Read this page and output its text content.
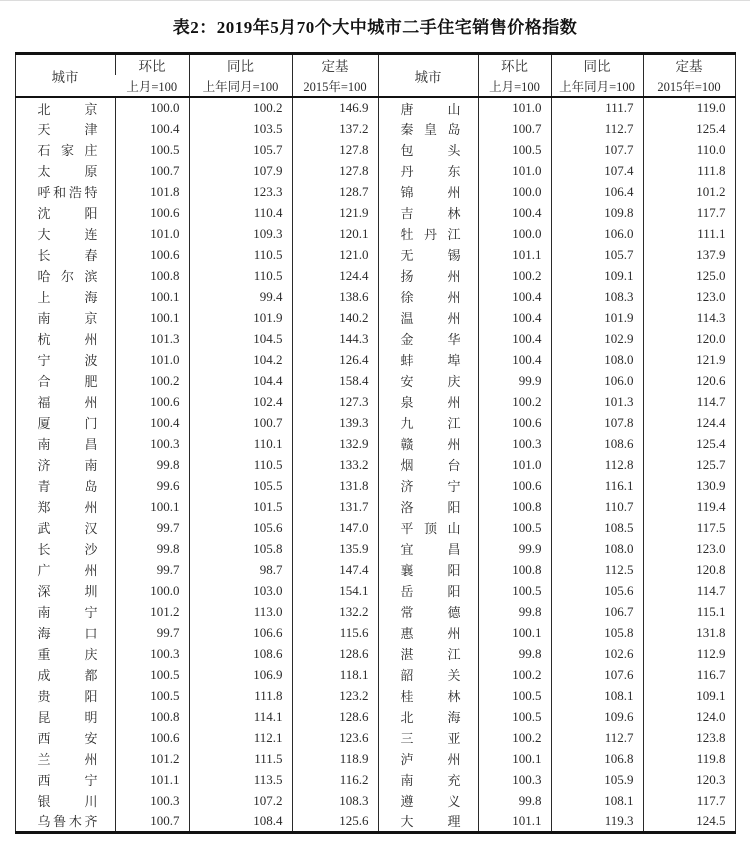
表2：2019年5月70个大中城市二手住宅销售价格指数
城市	环比	同比	定基	城市	环比	同比	定基
	上月=100	上年同月=100	2015年=100		上月=100	上年同月=100	2015年=100
北京	100.0	100.2	146.9	唐山	101.0	111.7	119.0
天津	100.4	103.5	137.2	秦皇岛	100.7	112.7	125.4
石家庄	100.5	105.7	127.8	包头	100.5	107.7	110.0
太原	100.7	107.9	127.8	丹东	101.0	107.4	111.8
呼和浩特	101.8	123.3	128.7	锦州	100.0	106.4	101.2
沈阳	100.6	110.4	121.9	吉林	100.4	109.8	117.7
大连	101.0	109.3	120.1	牡丹江	100.0	106.0	111.1
长春	100.6	110.5	121.0	无锡	101.1	105.7	137.9
哈尔滨	100.8	110.5	124.4	扬州	100.2	109.1	125.0
上海	100.1	99.4	138.6	徐州	100.4	108.3	123.0
南京	100.1	101.9	140.2	温州	100.4	101.9	114.3
杭州	101.3	104.5	144.3	金华	100.4	102.9	120.0
宁波	101.0	104.2	126.4	蚌埠	100.4	108.0	121.9
合肥	100.2	104.4	158.4	安庆	99.9	106.0	120.6
福州	100.6	102.4	127.3	泉州	100.2	101.3	114.7
厦门	100.4	100.7	139.3	九江	100.6	107.8	124.4
南昌	100.3	110.1	132.9	赣州	100.3	108.6	125.4
济南	99.8	110.5	133.2	烟台	101.0	112.8	125.7
青岛	99.6	105.5	131.8	济宁	100.6	116.1	130.9
郑州	100.1	101.5	131.7	洛阳	100.8	110.7	119.4
武汉	99.7	105.6	147.0	平顶山	100.5	108.5	117.5
长沙	99.8	105.8	135.9	宜昌	99.9	108.0	123.0
广州	99.7	98.7	147.4	襄阳	100.8	112.5	120.8
深圳	100.0	103.0	154.1	岳阳	100.5	105.6	114.7
南宁	101.2	113.0	132.2	常德	99.8	106.7	115.1
海口	99.7	106.6	115.6	惠州	100.1	105.8	131.8
重庆	100.3	108.6	128.6	湛江	99.8	102.6	112.9
成都	100.5	106.9	118.1	韶关	100.2	107.6	116.7
贵阳	100.5	111.8	123.2	桂林	100.5	108.1	109.1
昆明	100.8	114.1	128.6	北海	100.5	109.6	124.0
西安	100.6	112.1	123.6	三亚	100.2	112.7	123.8
兰州	101.2	111.5	118.9	泸州	100.1	106.8	119.8
西宁	101.1	113.5	116.2	南充	100.3	105.9	120.3
银川	100.3	107.2	108.3	遵义	99.8	108.1	117.7
乌鲁木齐	100.7	108.4	125.6	大理	101.1	119.3	124.5
